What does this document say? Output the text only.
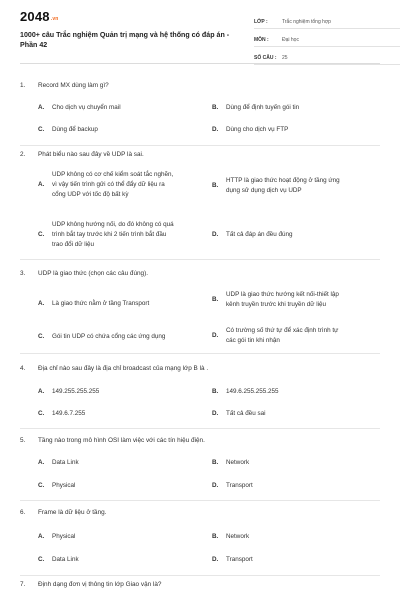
2048.vn
1000+ câu Trắc nghiệm Quản trị mạng và hệ thống có đáp án - Phần 42
LỚP :	Trắc nghiệm tổng hợp
MÔN :	Đại học
SỐ CÂU :	25
1. Record MX dùng làm gì?
A.	Cho dịch vụ chuyển mail	B.	Dùng để định tuyến gói tin
C.	Dùng để backup	D.	Dùng cho dịch vụ FTP
2. Phát biểu nào sau đây về UDP là sai.
A.
UDP không có cơ chế kiểm soát tắc nghẽn,
vì vậy tiến trình gửi có thể đẩy dữ liệu ra
cổng UDP với tốc độ bất kỳ
B.
HTTP là giao thức hoạt động ở tầng ứng
dụng sử dụng dịch vụ UDP
C.
UDP không hướng nối, do đó không có quá
trình bắt tay trước khi 2 tiến trình bắt đầu
trao đổi dữ liệu
D.	Tất cả đáp án đều đúng
3. UDP là giao thức (chọn các câu đúng).
A.	Là giao thức nằm ở tầng Transport
B.
UDP là giao thức hướng kết nối-thiết lập
kênh truyền trước khi truyền dữ liệu
C.	Gói tin UDP có chứa cổng các ứng dụng	D.
Có trường số thứ tự để xác định trình tự
các gói tin khi nhận
4. Địa chỉ nào sau đây là địa chỉ broadcast của mạng lớp B là .
A.	149.255.255.255	B.	149.6.255.255.255
C.	149.6.7.255	D.	Tất cả đều sai
5. Tầng nào trong mô hình OSI làm việc với các tín hiệu điện.
A.	Data Link	B.	Network
C.	Physical	D.	Transport
6. Frame là dữ liệu ở tầng.
A.	Physical	B.	Network
C.	Data Link	D.	Transport
7. Định dạng đơn vị thông tin lớp Giao vận là?
